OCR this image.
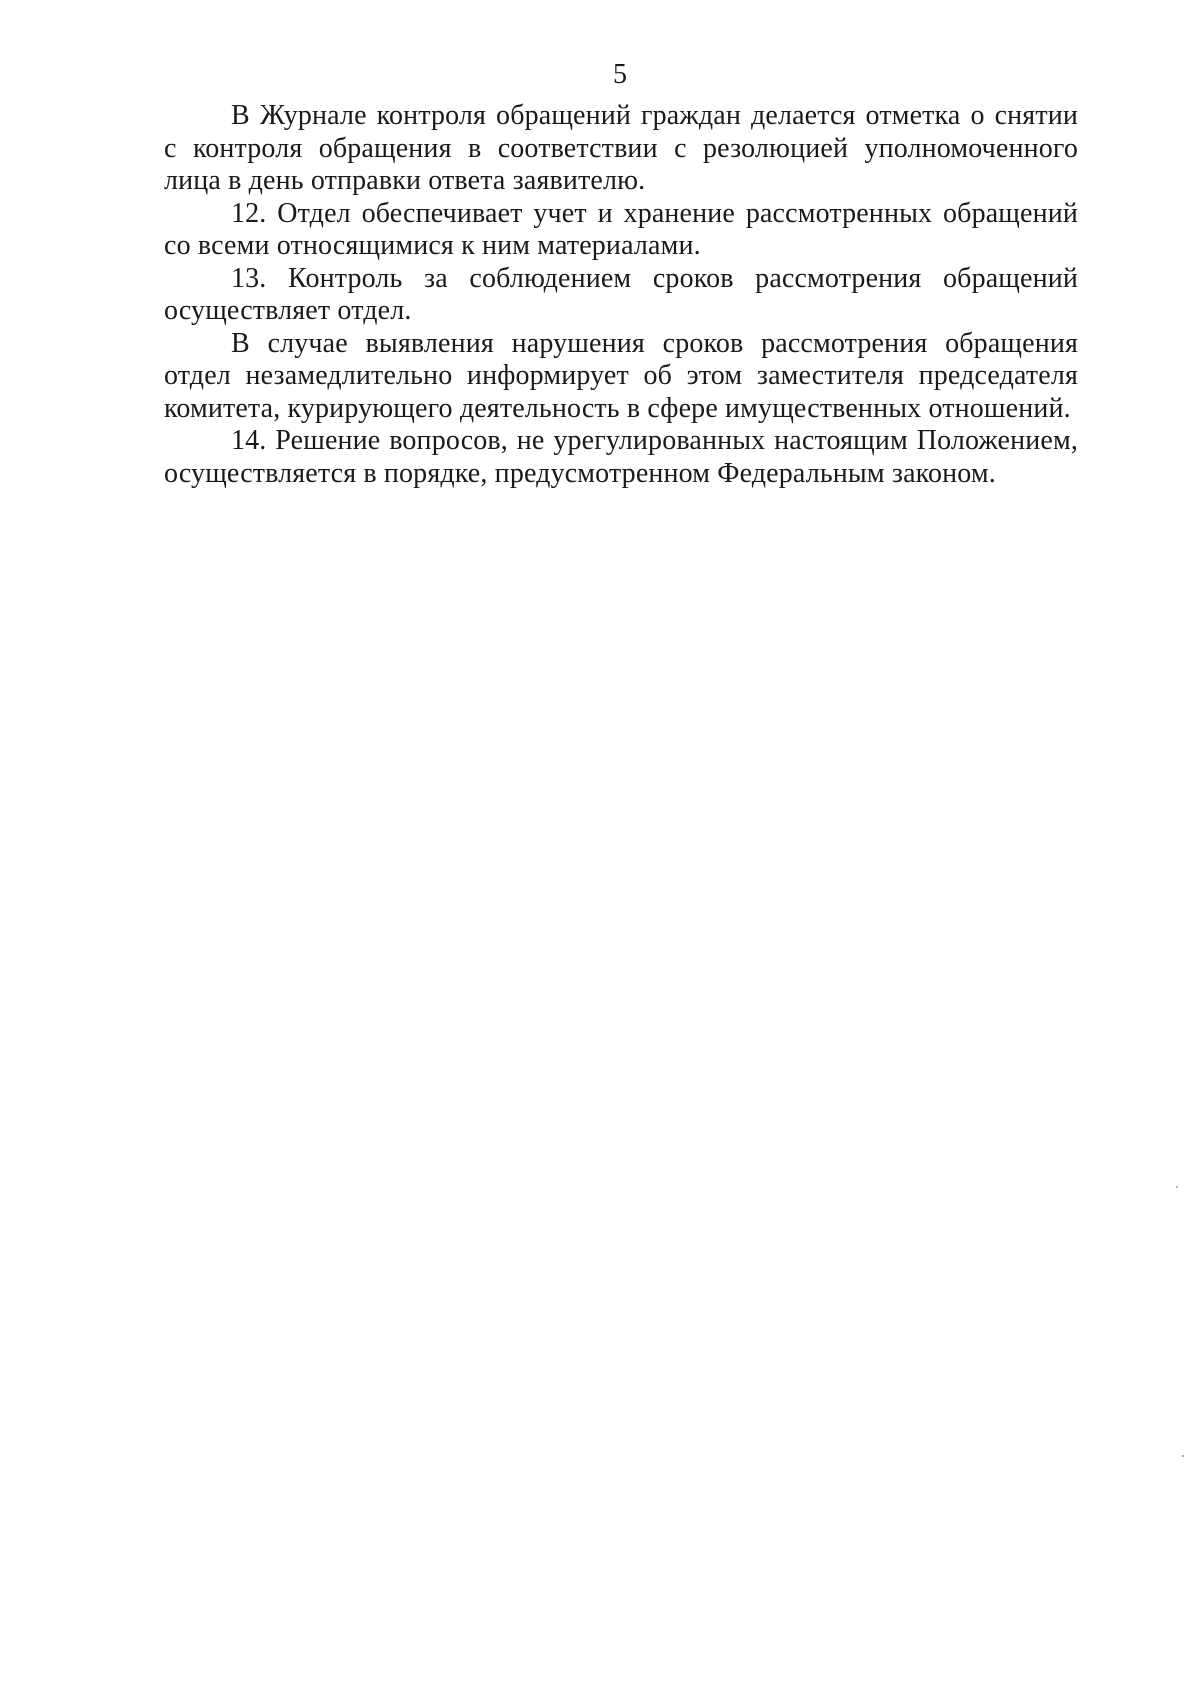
5

В Журнале контроля обращений граждан делается отметка о снятии
с контроля обращения в соответствии с резолюцией уполномоченного
лица в день отправки ответа заявителю.

12. Отдел обеспечивает учет и хранение рассмотренных обращений
со всеми относящимися к ним материалами.

13. Контроль за соблюдением сроков рассмотрения обращений
осуществляет отдел.

В случае выявления нарушения сроков рассмотрения обращения
отдел незамедлительно информирует об этом заместителя председателя
комитета, курирующего деятельность в сфере имущественных отношений.

14. Решение вопросов, не урегулированных настоящим Положением,
осуществляется в порядке, предусмотренном Федеральным законом.
